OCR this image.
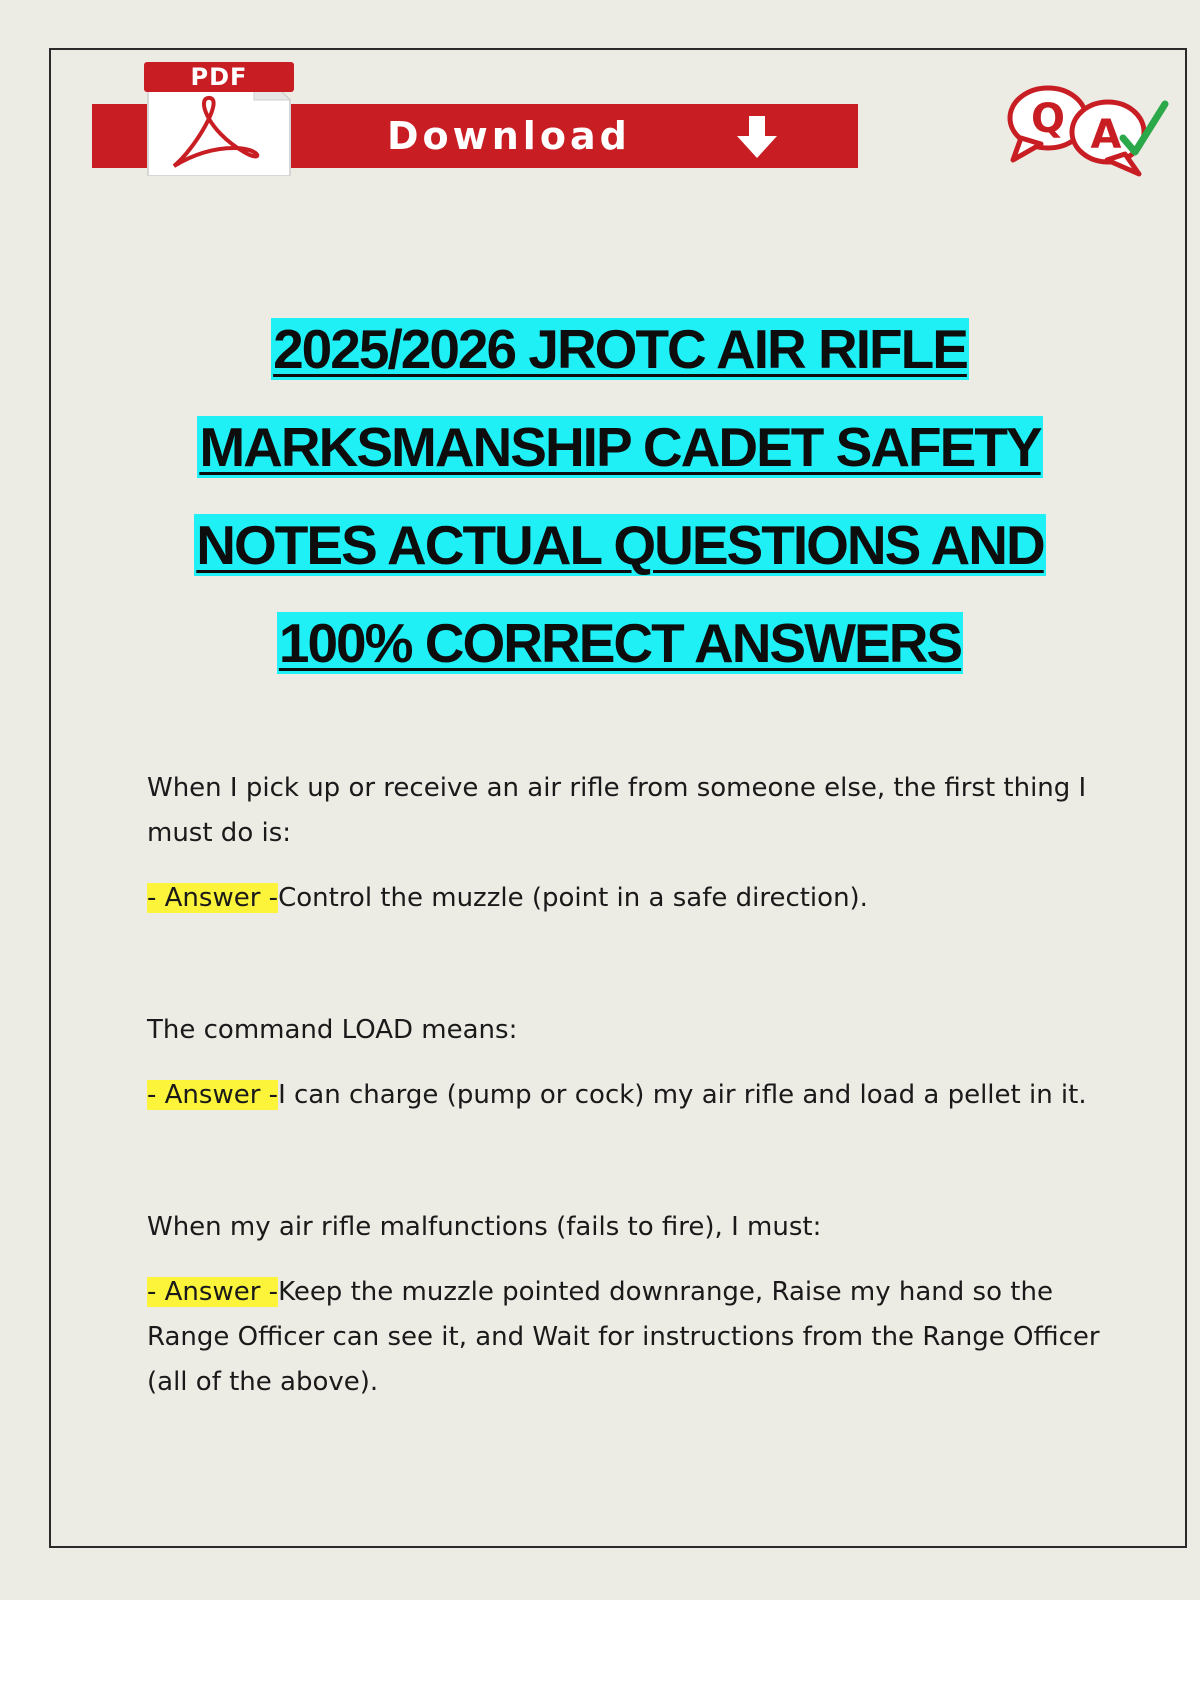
Download
PDF
Q A

2025/2026 JROTC AIR RIFLE

MARKSMANSHIP CADET SAFETY

NOTES ACTUAL QUESTIONS AND

100% CORRECT ANSWERS

When I pick up or receive an air rifle from someone else, the first thing I must do is:

- Answer -Control the muzzle (point in a safe direction).

The command LOAD means:

- Answer -I can charge (pump or cock) my air rifle and load a pellet in it.

When my air rifle malfunctions (fails to fire), I must:

- Answer -Keep the muzzle pointed downrange, Raise my hand so the Range Officer can see it, and Wait for instructions from the Range Officer (all of the above).
